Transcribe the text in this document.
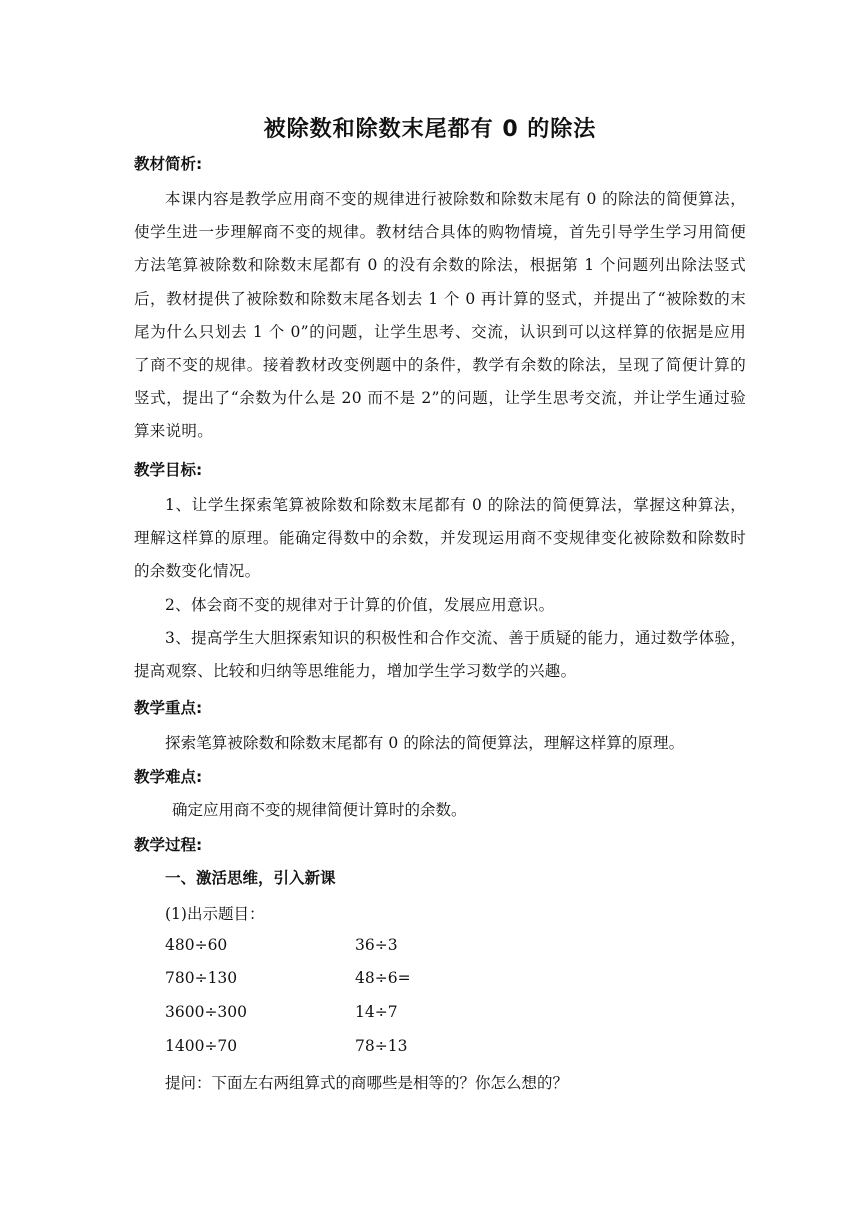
被除数和除数末尾都有 0 的除法
教材简析:
本课内容是教学应用商不变的规律进行被除数和除数末尾有 0 的除法的简便算法，使学生进一步理解商不变的规律。教材结合具体的购物情境，首先引导学生学习用简便方法笔算被除数和除数末尾都有 0 的没有余数的除法，根据第 1 个问题列出除法竖式后，教材提供了被除数和除数末尾各划去 1 个 0 再计算的竖式，并提出了“被除数的末尾为什么只划去 1 个 0”的问题，让学生思考、交流，认识到可以这样算的依据是应用了商不变的规律。接着教材改变例题中的条件，教学有余数的除法，呈现了简便计算的竖式，提出了“余数为什么是 20 而不是 2”的问题，让学生思考交流，并让学生通过验算来说明。
教学目标:
1、让学生探索笔算被除数和除数末尾都有 0 的除法的简便算法，掌握这种算法，理解这样算的原理。能确定得数中的余数，并发现运用商不变规律变化被除数和除数时的余数变化情况。
2、体会商不变的规律对于计算的价值，发展应用意识。
3、提高学生大胆探索知识的积极性和合作交流、善于质疑的能力，通过数学体验，提高观察、比较和归纳等思维能力，增加学生学习数学的兴趣。
教学重点:
探索笔算被除数和除数末尾都有 0 的除法的简便算法，理解这样算的原理。
教学难点:
确定应用商不变的规律简便计算时的余数。
教学过程:
一、激活思维，引入新课
(1)出示题目：
480÷60	36÷3
780÷130	48÷6=
3600÷300	14÷7
1400÷70	78÷13
提问：下面左右两组算式的商哪些是相等的？你怎么想的？
